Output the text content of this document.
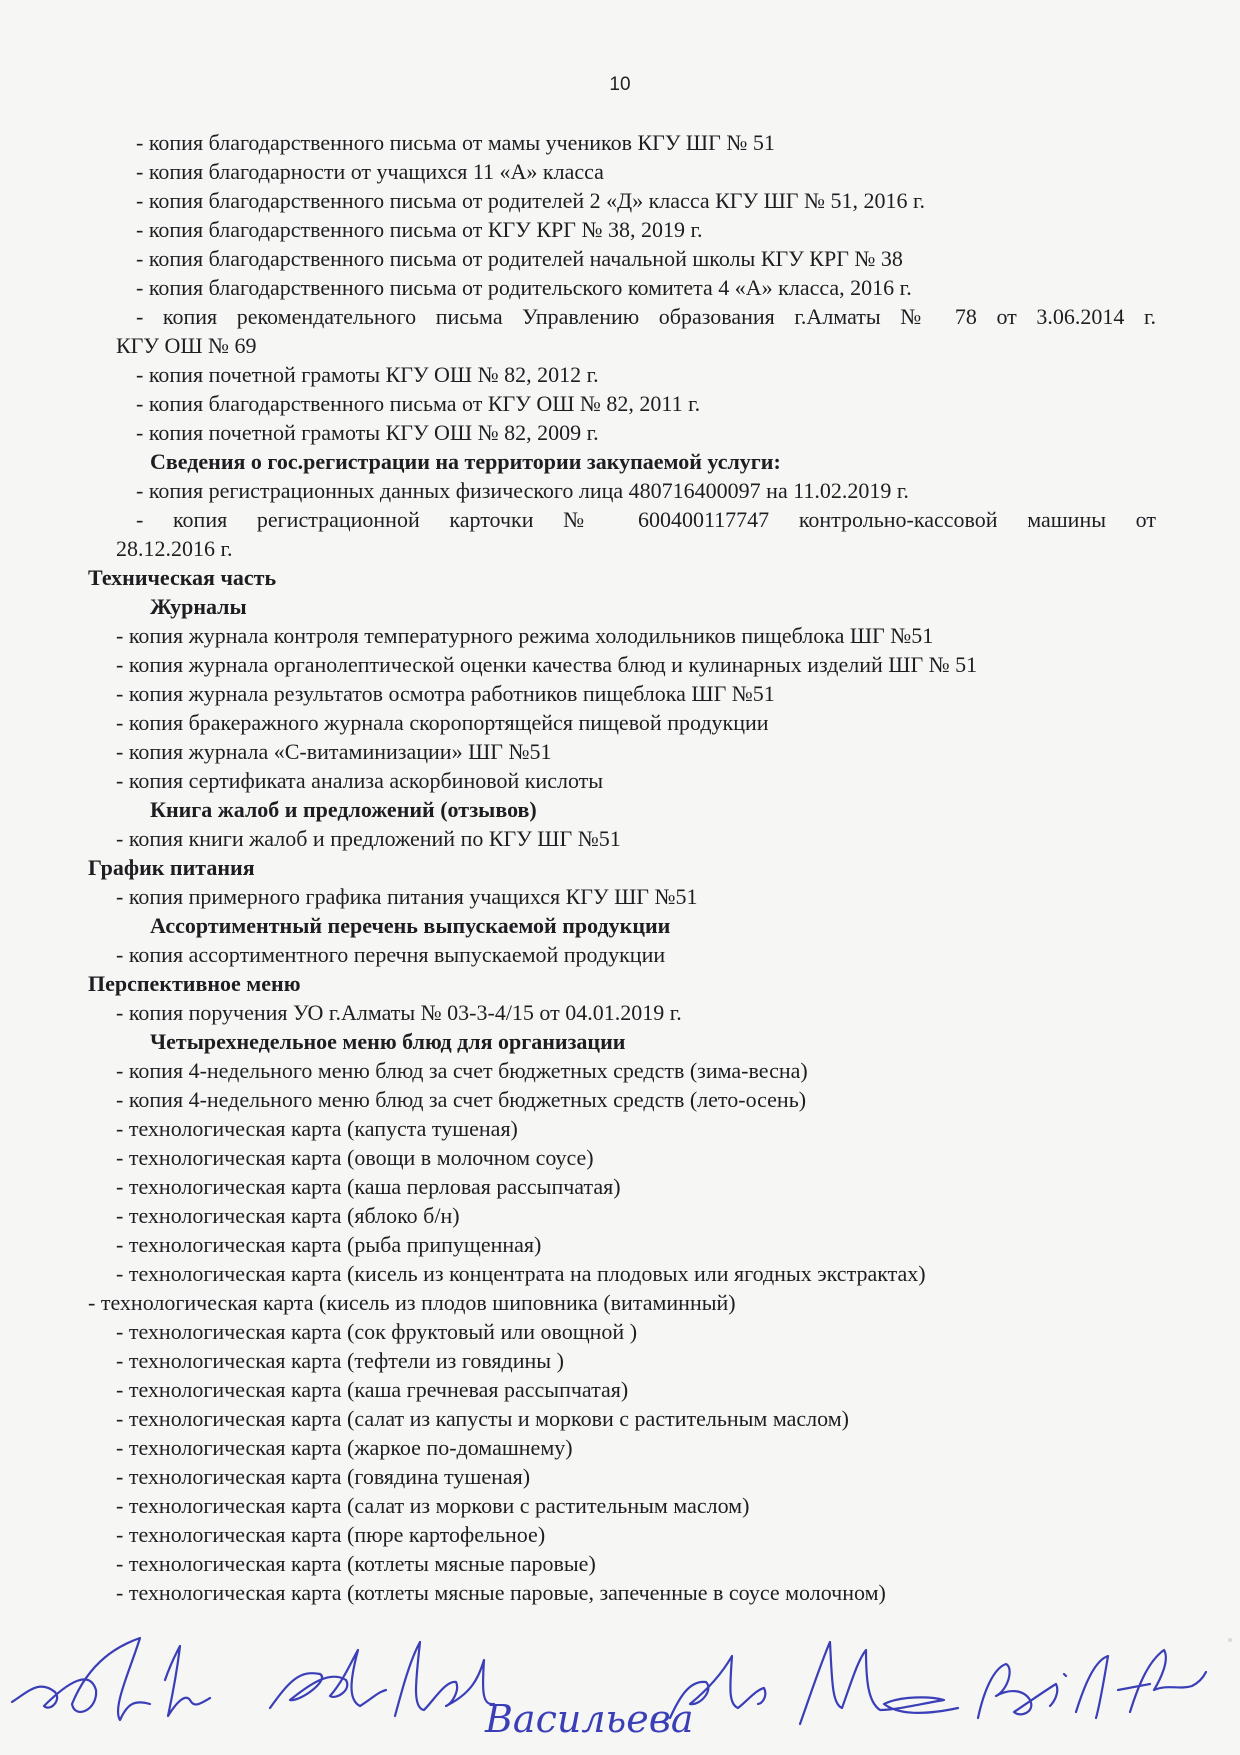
10
- копия благодарственного письма от мамы учеников КГУ ШГ № 51
- копия благодарности от учащихся 11 «А» класса
- копия благодарственного письма от родителей 2 «Д» класса КГУ ШГ № 51, 2016 г.
- копия благодарственного письма от КГУ КРГ № 38, 2019 г.
- копия благодарственного письма от родителей начальной школы КГУ КРГ № 38
- копия благодарственного письма от родительского комитета 4 «А» класса, 2016 г.
- копия рекомендательного письма Управлению образования г.Алматы № 78 от 3.06.2014 г.
КГУ ОШ № 69
- копия почетной грамоты КГУ ОШ № 82, 2012 г.
- копия благодарственного письма от КГУ ОШ № 82, 2011 г.
- копия почетной грамоты КГУ ОШ № 82, 2009 г.
Сведения о гос.регистрации на территории закупаемой услуги:
- копия регистрационных данных физического лица 480716400097 на 11.02.2019 г.
- копия регистрационной карточки № 600400117747 контрольно-кассовой машины от
28.12.2016 г.
Техническая часть
Журналы
- копия журнала контроля температурного режима холодильников пищеблока ШГ №51
- копия журнала органолептической оценки качества блюд и кулинарных изделий ШГ № 51
- копия журнала результатов осмотра работников пищеблока ШГ №51
- копия бракеражного журнала скоропортящейся пищевой продукции
- копия журнала «С-витаминизации» ШГ №51
- копия сертификата анализа аскорбиновой кислоты
Книга жалоб и предложений (отзывов)
- копия книги жалоб и предложений по КГУ ШГ №51
График питания
- копия примерного графика питания учащихся КГУ ШГ №51
Ассортиментный перечень выпускаемой продукции
- копия ассортиментного перечня выпускаемой продукции
Перспективное меню
- копия поручения УО г.Алматы № 03-3-4/15 от 04.01.2019 г.
Четырехнедельное меню блюд для организации
- копия 4-недельного меню блюд за счет бюджетных средств (зима-весна)
- копия 4-недельного меню блюд за счет бюджетных средств (лето-осень)
- технологическая карта (капуста тушеная)
- технологическая карта (овощи в молочном соусе)
- технологическая карта (каша перловая рассыпчатая)
- технологическая карта (яблоко б/н)
- технологическая карта (рыба припущенная)
- технологическая карта (кисель из концентрата на плодовых или ягодных экстрактах)
- технологическая карта (кисель из плодов шиповника (витаминный)
- технологическая карта (сок фруктовый или овощной )
- технологическая карта (тефтели из говядины )
- технологическая карта (каша гречневая рассыпчатая)
- технологическая карта (салат из капусты и моркови с растительным маслом)
- технологическая карта (жаркое по-домашнему)
- технологическая карта (говядина тушеная)
- технологическая карта (салат из моркови с растительным маслом)
- технологическая карта (пюре картофельное)
- технологическая карта (котлеты мясные паровые)
- технологическая карта (котлеты мясные паровые, запеченные в соусе молочном)
Васильева
